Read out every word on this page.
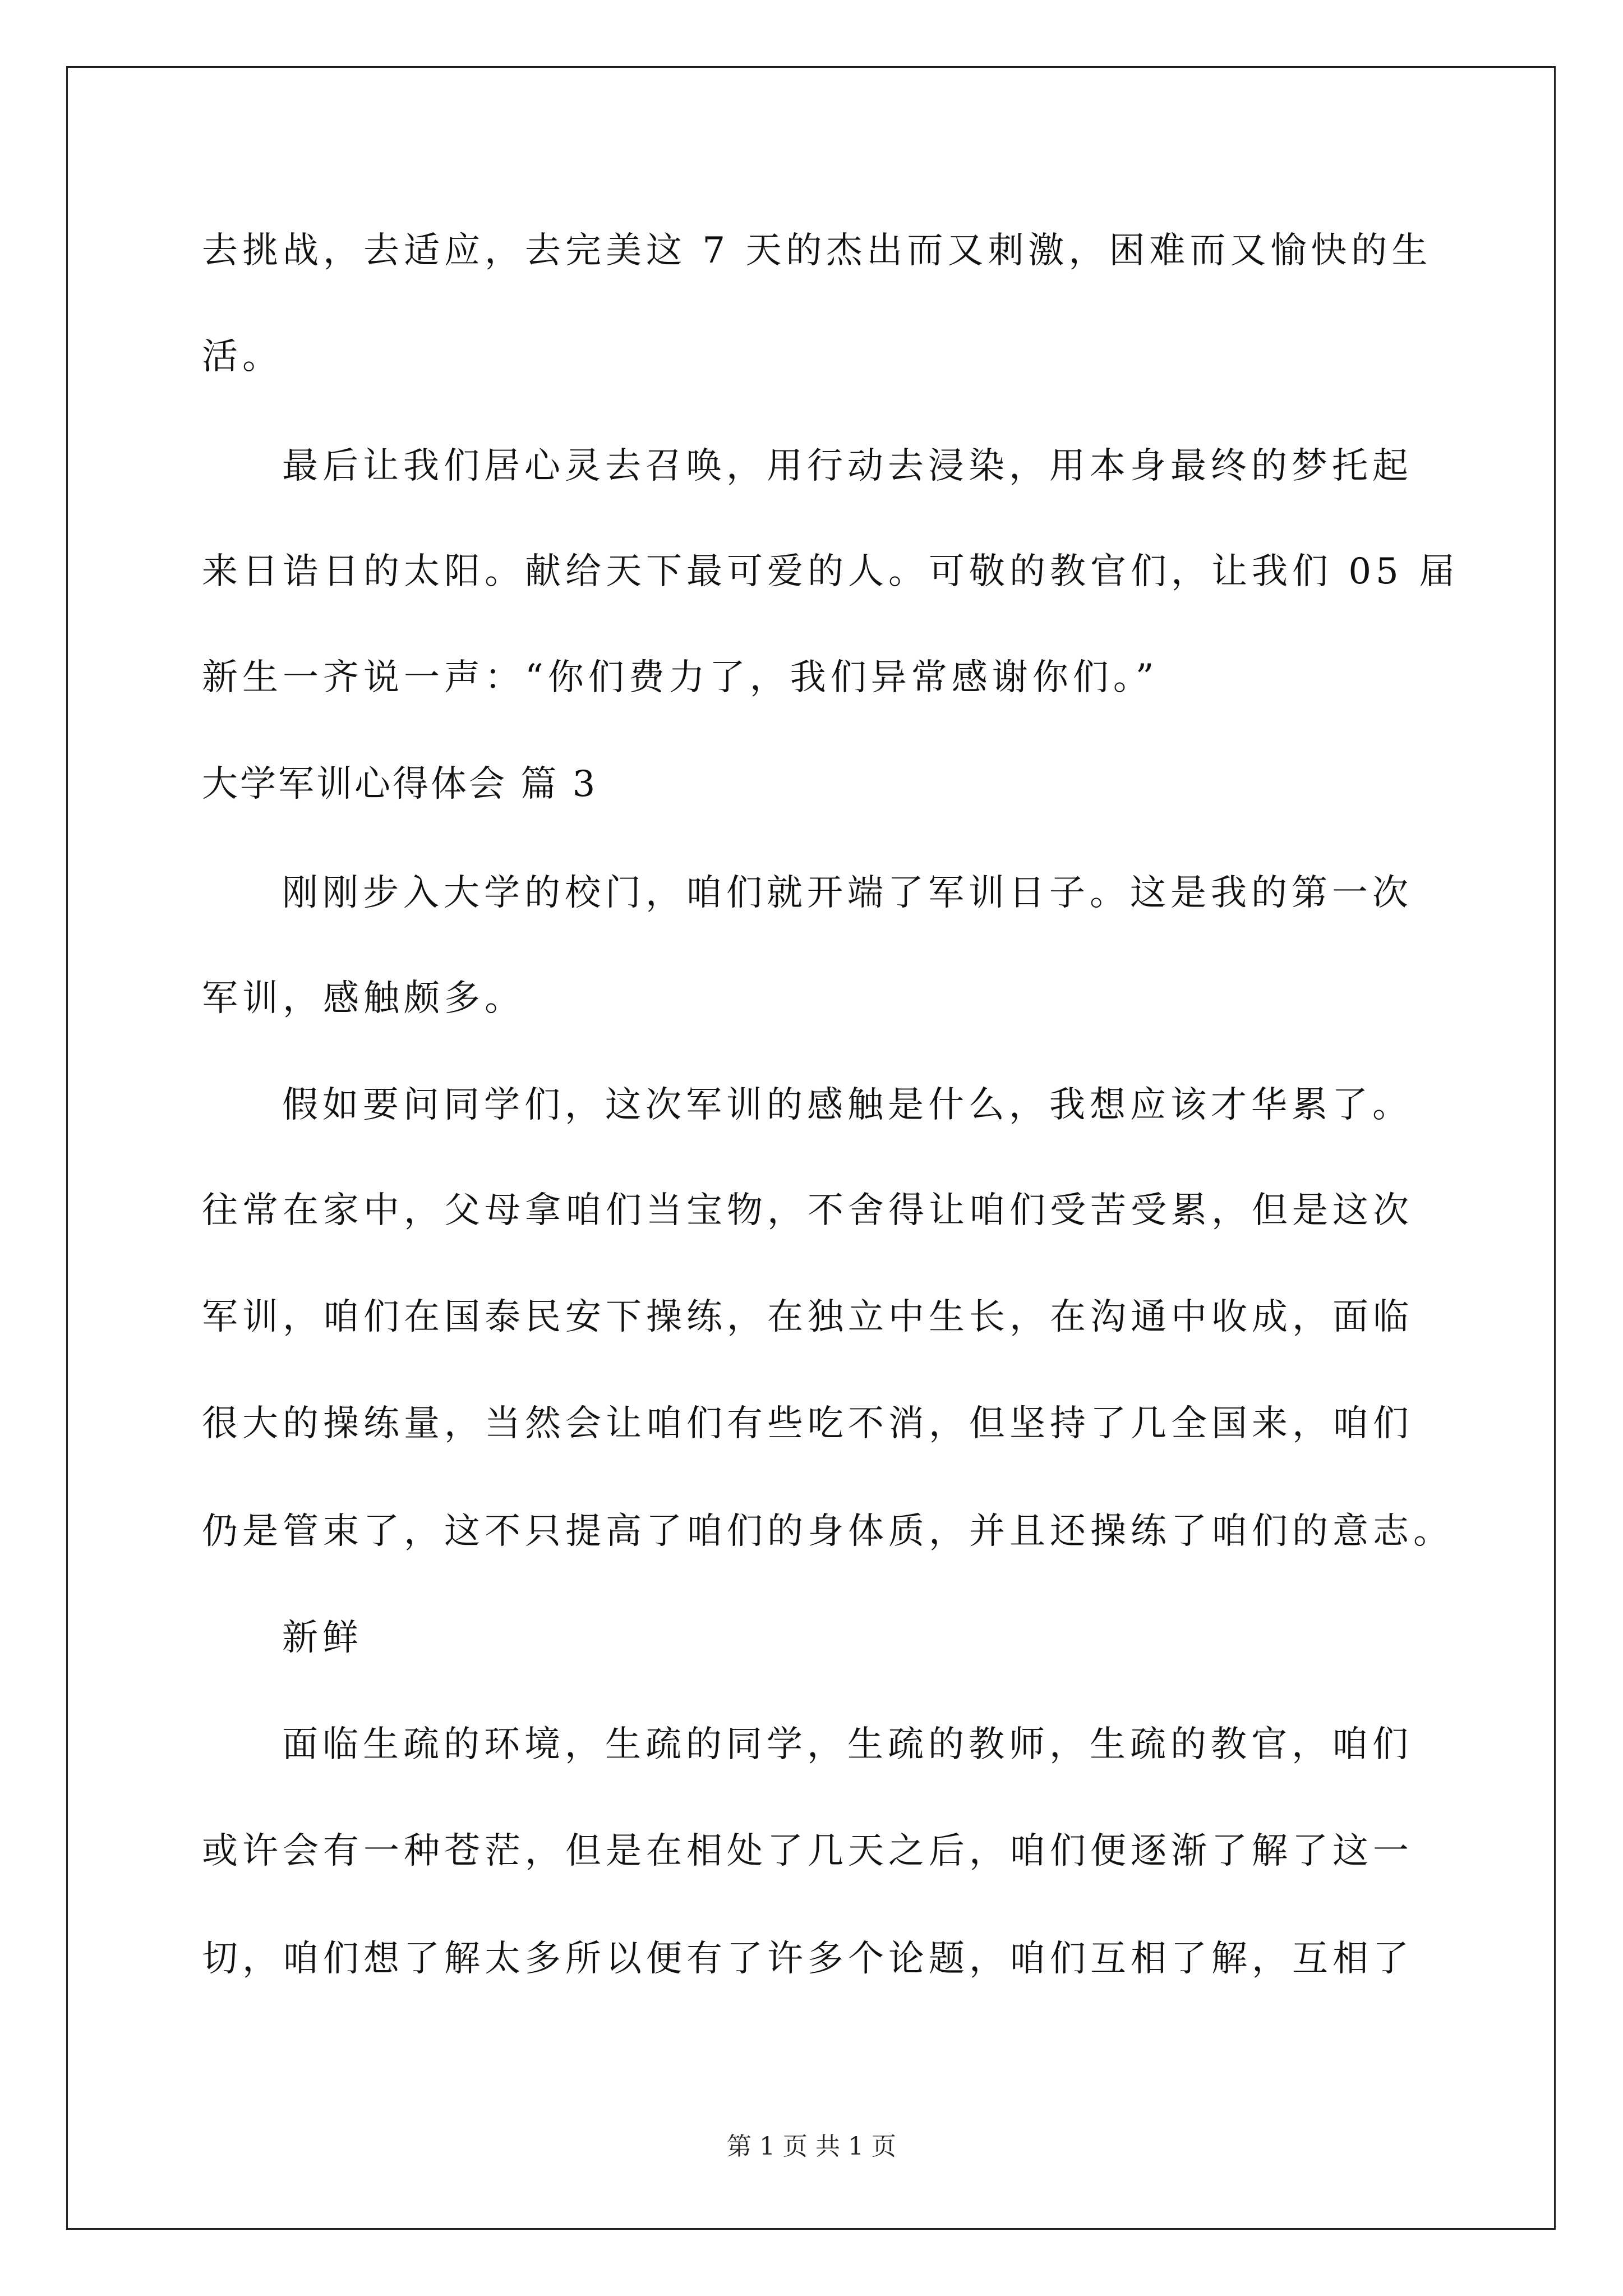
去挑战，去适应，去完美这 7 天的杰出而又刺激，困难而又愉快的生
活。
最后让我们居心灵去召唤，用行动去浸染，用本身最终的梦托起
来日诰日的太阳。献给天下最可爱的人。可敬的教官们，让我们 05 届
新生一齐说一声：“你们费力了，我们异常感谢你们。”
大学军训心得体会 篇 3
刚刚步入大学的校门，咱们就开端了军训日子。这是我的第一次
军训，感触颇多。
假如要问同学们，这次军训的感触是什么，我想应该才华累了。
往常在家中，父母拿咱们当宝物，不舍得让咱们受苦受累，但是这次
军训，咱们在国泰民安下操练，在独立中生长，在沟通中收成，面临
很大的操练量，当然会让咱们有些吃不消，但坚持了几全国来，咱们
仍是管束了，这不只提高了咱们的身体质，并且还操练了咱们的意志。
新鲜
面临生疏的环境，生疏的同学，生疏的教师，生疏的教官，咱们
或许会有一种苍茫，但是在相处了几天之后，咱们便逐渐了解了这一
切，咱们想了解太多所以便有了许多个论题，咱们互相了解，互相了
第 1 页 共 1 页
